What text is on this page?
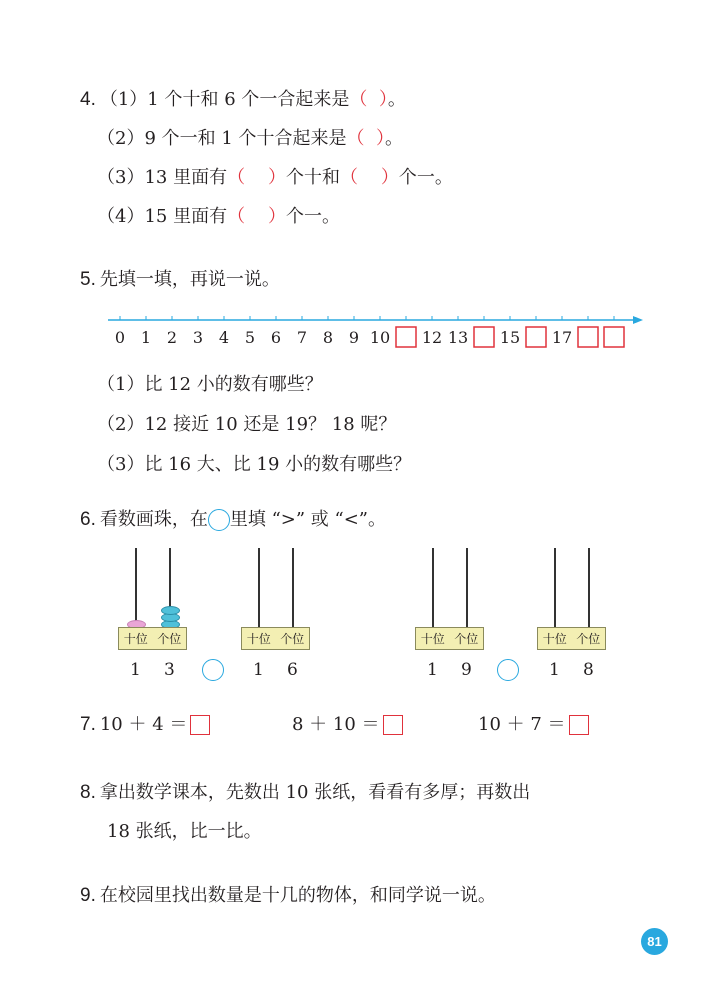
4. （1）1 个十和 6 个一合起来是（  ）。
（2）9 个一和 1 个十合起来是（  ）。
（3）13 里面有（    ）个十和（    ）个一。
（4）15 里面有（    ）个一。
5. 先填一填，再说一说。
0 1 2 3 4 5 6 7 8 9 10 12 13 15 17
（1）比 12 小的数有哪些？
（2）12 接近 10 还是 19？ 18 呢？
（3）比 16 大、比 19 小的数有哪些？
6. 看数画珠，在 里填 “>” 或 “<”。
十位 个位
1 3
十位 个位
1 6
十位 个位
1 9
十位 个位
1 8
7. 10 ＋ 4 ＝	8 ＋ 10 ＝	10 ＋ 7 ＝
8. 拿出数学课本，先数出 10 张纸，看看有多厚；再数出
18 张纸，比一比。
9. 在校园里找出数量是十几的物体，和同学说一说。
81
